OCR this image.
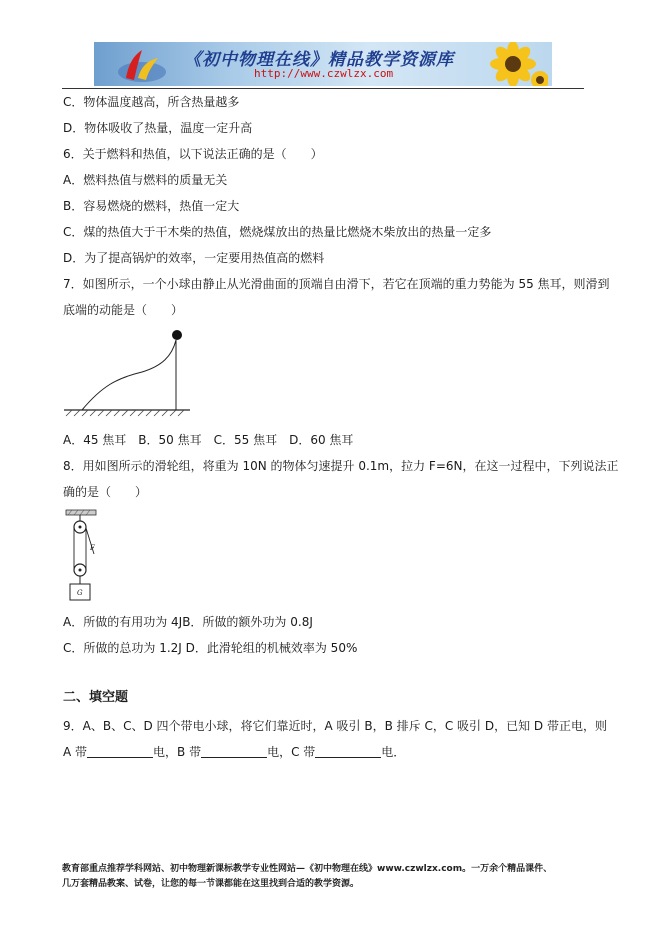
《初中物理在线》精品教学资源库
http://www.czwlzx.com
C．物体温度越高，所含热量越多
D．物体吸收了热量，温度一定升高
6．关于燃料和热值，以下说法正确的是（　　）
A．燃料热值与燃料的质量无关
B．容易燃烧的燃料，热值一定大
C．煤的热值大于干木柴的热值，燃烧煤放出的热量比燃烧木柴放出的热量一定多
D．为了提高锅炉的效率，一定要用热值高的燃料
7．如图所示，一个小球由静止从光滑曲面的顶端自由滑下，若它在顶端的重力势能为 55 焦耳，则滑到
底端的动能是（　　）
A．45 焦耳　B．50 焦耳　C．55 焦耳　D．60 焦耳
8．用如图所示的滑轮组，将重为 10N 的物体匀速提升 0.1m，拉力 F=6N，在这一过程中，下列说法正
确的是（　　）
F
G
A．所做的有用功为 4JB．所做的额外功为 0.8J
C．所做的总功为 1.2J D．此滑轮组的机械效率为 50%
二、填空题
9．A、B、C、D 四个带电小球，将它们靠近时，A 吸引 B，B 排斥 C，C 吸引 D，已知 D 带正电，则
A 带	电，B 带	电，C 带	电．
教育部重点推荐学科网站、初中物理新课标教学专业性网站—《初中物理在线》www.czwlzx.com。一万余个精品课件、
几万套精品教案、试卷，让您的每一节课都能在这里找到合适的教学资源。
